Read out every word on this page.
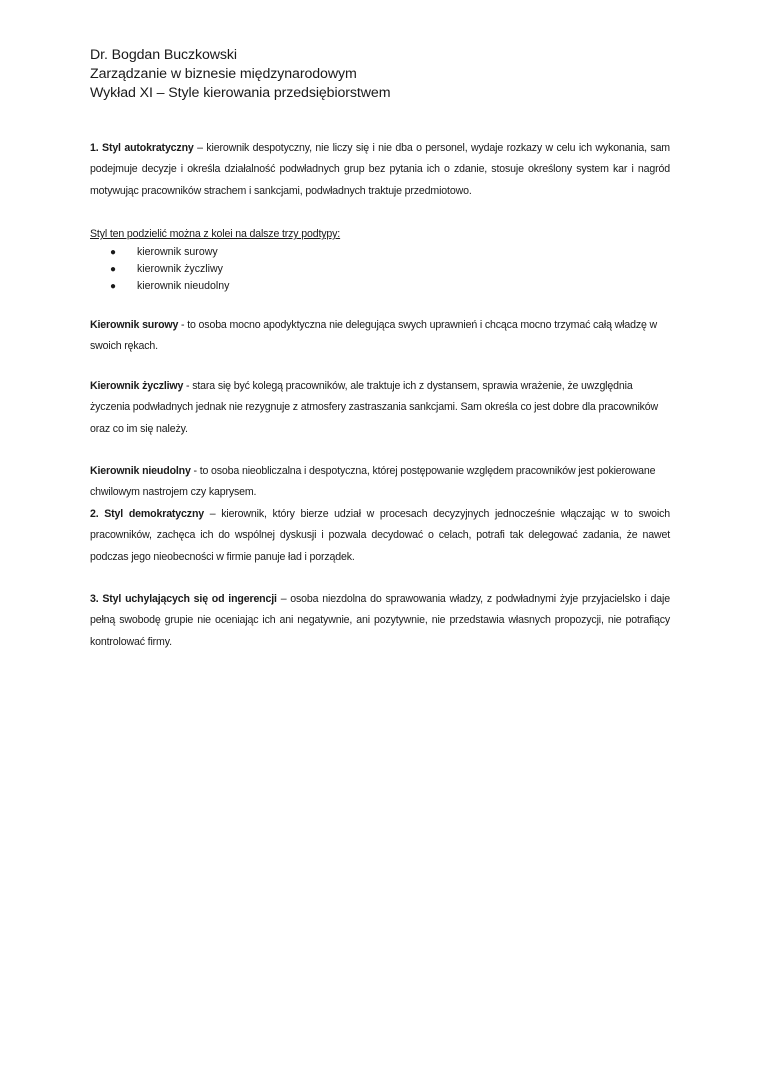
Dr. Bogdan Buczkowski
Zarządzanie w biznesie międzynarodowym
Wykład XI – Style kierowania przedsiębiorstwem
1. Styl autokratyczny – kierownik despotyczny, nie liczy się i nie dba o personel, wydaje rozkazy w celu ich wykonania, sam podejmuje decyzje i określa działalność podwładnych grup bez pytania ich o zdanie, stosuje określony system kar i nagród motywując pracowników strachem i sankcjami, podwładnych traktuje przedmiotowo.
Styl ten podzielić można z kolei na dalsze trzy podtypy:
● kierownik surowy
● kierownik życzliwy
● kierownik nieudolny
Kierownik surowy - to osoba mocno apodyktyczna nie delegująca swych uprawnień i chcąca mocno trzymać całą władzę w swoich rękach.
Kierownik życzliwy - stara się być kolegą pracowników, ale traktuje ich z dystansem, sprawia wrażenie, że uwzględnia życzenia podwładnych jednak nie rezygnuje z atmosfery zastraszania sankcjami. Sam określa co jest dobre dla pracowników oraz co im się należy.
Kierownik nieudolny - to osoba nieobliczalna i despotyczna, której postępowanie względem pracowników jest pokierowane chwilowym nastrojem czy kaprysem.
2. Styl demokratyczny – kierownik, który bierze udział w procesach decyzyjnych jednocześnie włączając w to swoich pracowników, zachęca ich do wspólnej dyskusji i pozwala decydować o celach, potrafi tak delegować zadania, że nawet podczas jego nieobecności w firmie panuje ład i porządek.
3. Styl uchylających się od ingerencji – osoba niezdolna do sprawowania władzy, z podwładnymi żyje przyjacielsko i daje pełną swobodę grupie nie oceniając ich ani negatywnie, ani pozytywnie, nie przedstawia własnych propozycji, nie potrafiący kontrolować firmy.
